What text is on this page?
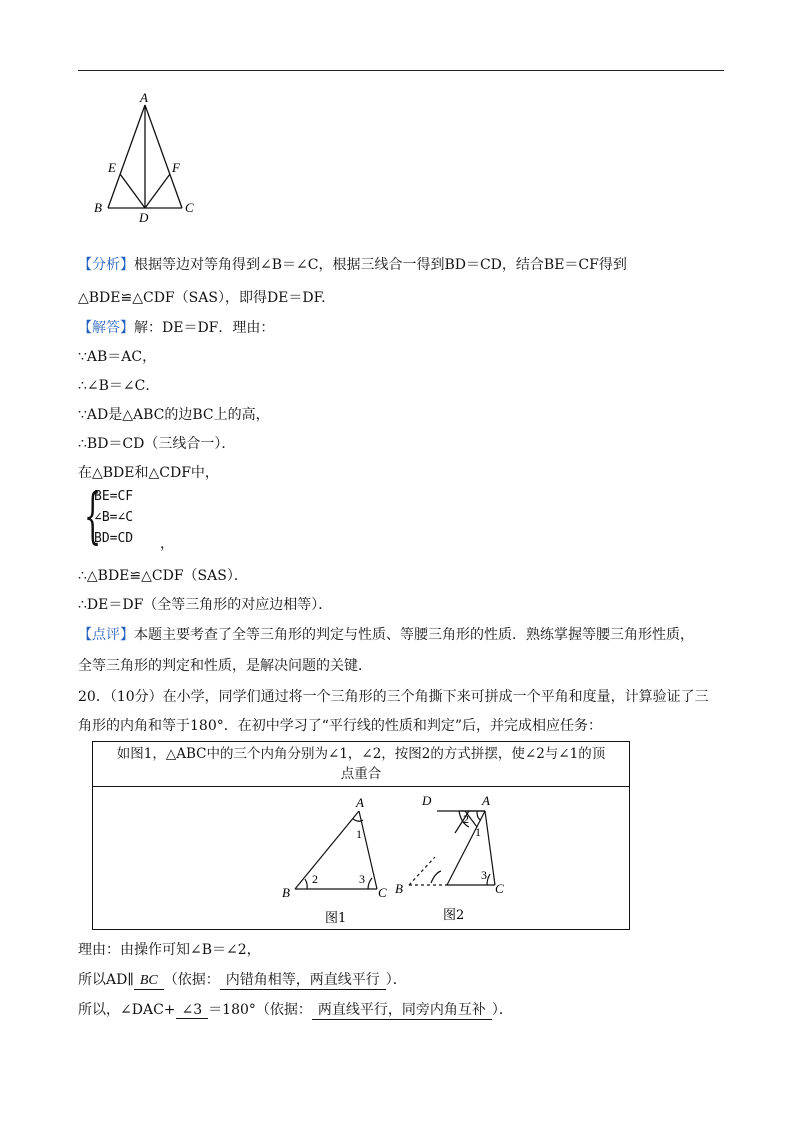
A
E	F
B
D
C
【分析】根据等边对等角得到∠B＝∠C，根据三线合一得到BD＝CD，结合BE＝CF得到
△BDE≌△CDF（SAS），即得DE＝DF.
【解答】解：DE＝DF．理由：
∵AB＝AC，
∴∠B＝∠C．
∵AD是△ABC的边BC上的高，
∴BD＝CD（三线合一）．
在△BDE和△CDF中，
{
BE=CF
∠B=∠C
BD=CD ，
∴△BDE≌△CDF（SAS）．
∴DE＝DF（全等三角形的对应边相等）．
【点评】本题主要考查了全等三角形的判定与性质、等腰三角形的性质．熟练掌握等腰三角形性质，
全等三角形的判定和性质，是解决问题的关键．
20．（10分）在小学，同学们通过将一个三角形的三个角撕下来可拼成一个平角和度量，计算验证了三
角形的内角和等于180°．在初中学习了“平行线的性质和判定”后，并完成相应任务：
如图1，△ABC中的三个内角分别为∠1，∠2，按图2的方式拼摆，使∠2与∠1的顶
点重合

A
1
2	3
B	C
图1
D	A
2
1
3
B	C
图2
理由：由操作可知∠B＝∠2，
所以AD∥ BC （依据： 内错角相等，两直线平行 ）．
所以，∠DAC+ ∠3 ＝180°（依据： 两直线平行，同旁内角互补 ）．
